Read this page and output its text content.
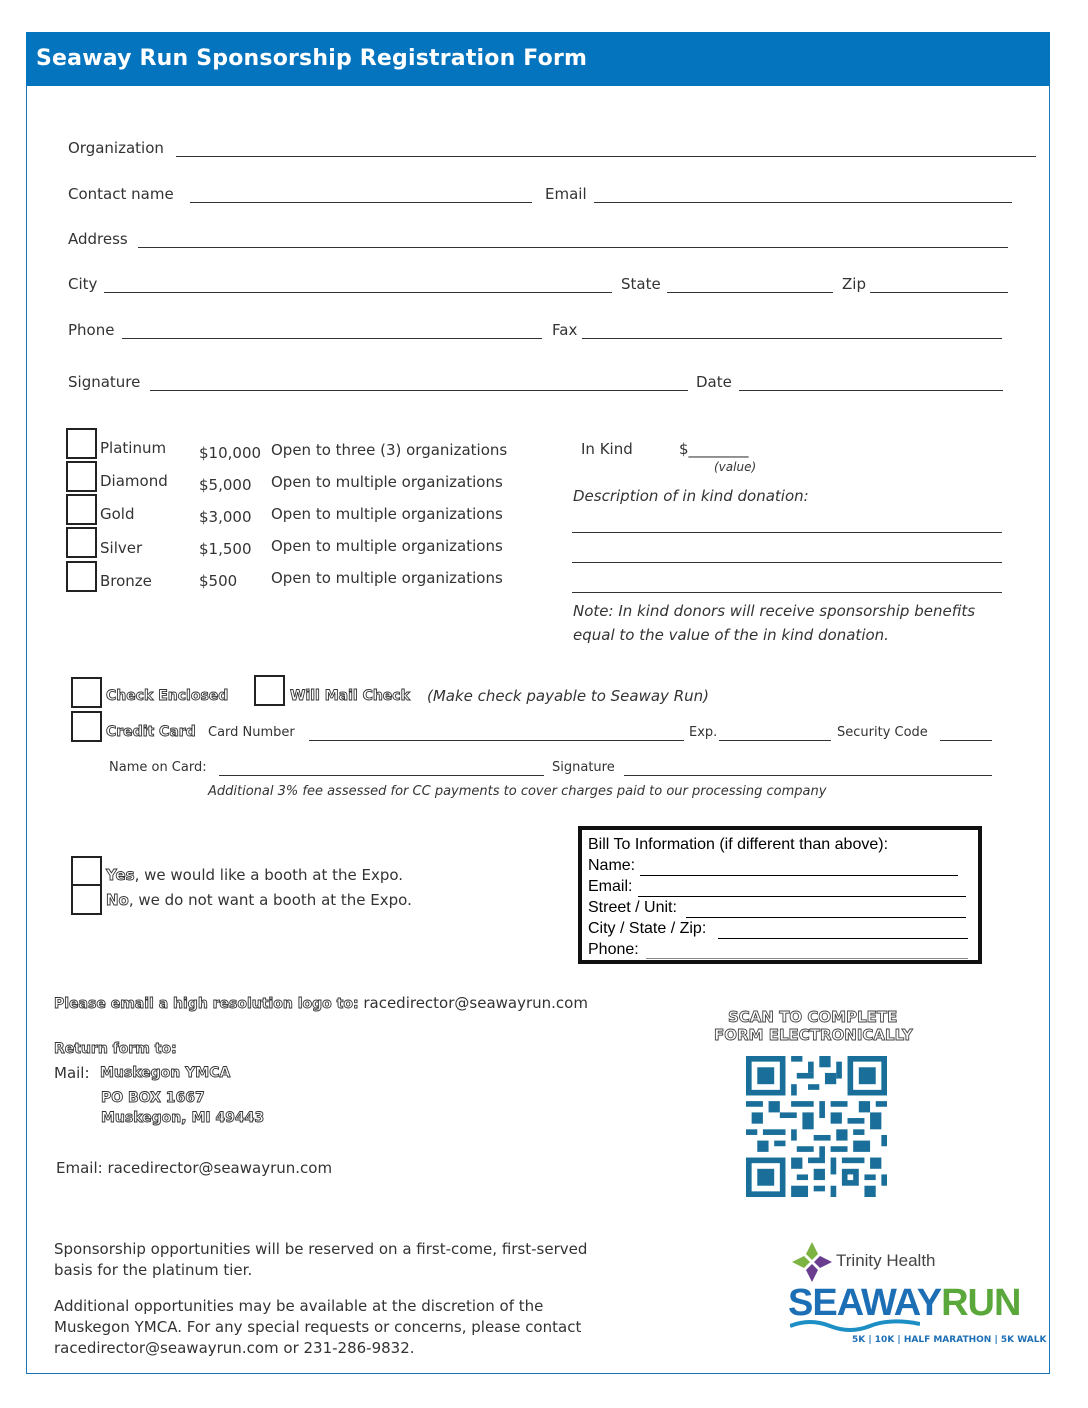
Seaway Run Sponsorship Registration Form
Organization
Contact name	Email
Address
City	State	Zip
Phone	Fax
Signature	Date
Platinum $10,000 Open to three (3) organizations
Diamond $5,000 Open to multiple organizations
Gold	$3,000 Open to multiple organizations
Silver	$1,500 Open to multiple organizations
Bronze	$500 Open to multiple organizations
In Kind	$________
(value)
Description of in kind donation:
Note: In kind donors will receive sponsorship benefits
equal to the value of the in kind donation.
Check Enclosed	Will Mail Check (Make check payable to Seaway Run)
Credit Card Card Number	Exp.	Security Code
Name on Card:	Signature
Additional 3% fee assessed for CC payments to cover charges paid to our processing company
Yes, we would like a booth at the Expo.
No, we do not want a booth at the Expo.
Bill To Information (if different than above):
Name:
Email:
Street / Unit:
City / State / Zip:
Phone:
Please email a high resolution logo to: racedirector@seawayrun.com
Return form to:
Mail: Muskegon YMCA
PO BOX 1667
Muskegon, MI 49443
Email: racedirector@seawayrun.com
SCAN TO COMPLETE
FORM ELECTRONICALLY
Sponsorship opportunities will be reserved on a first-come, first-served
basis for the platinum tier.
Additional opportunities may be available at the discretion of the
Muskegon YMCA. For any special requests or concerns, please contact
racedirector@seawayrun.com or 231-286-9832.
Trinity Health
SEAWAYRUN
5K | 10K | HALF MARATHON | 5K WALK
